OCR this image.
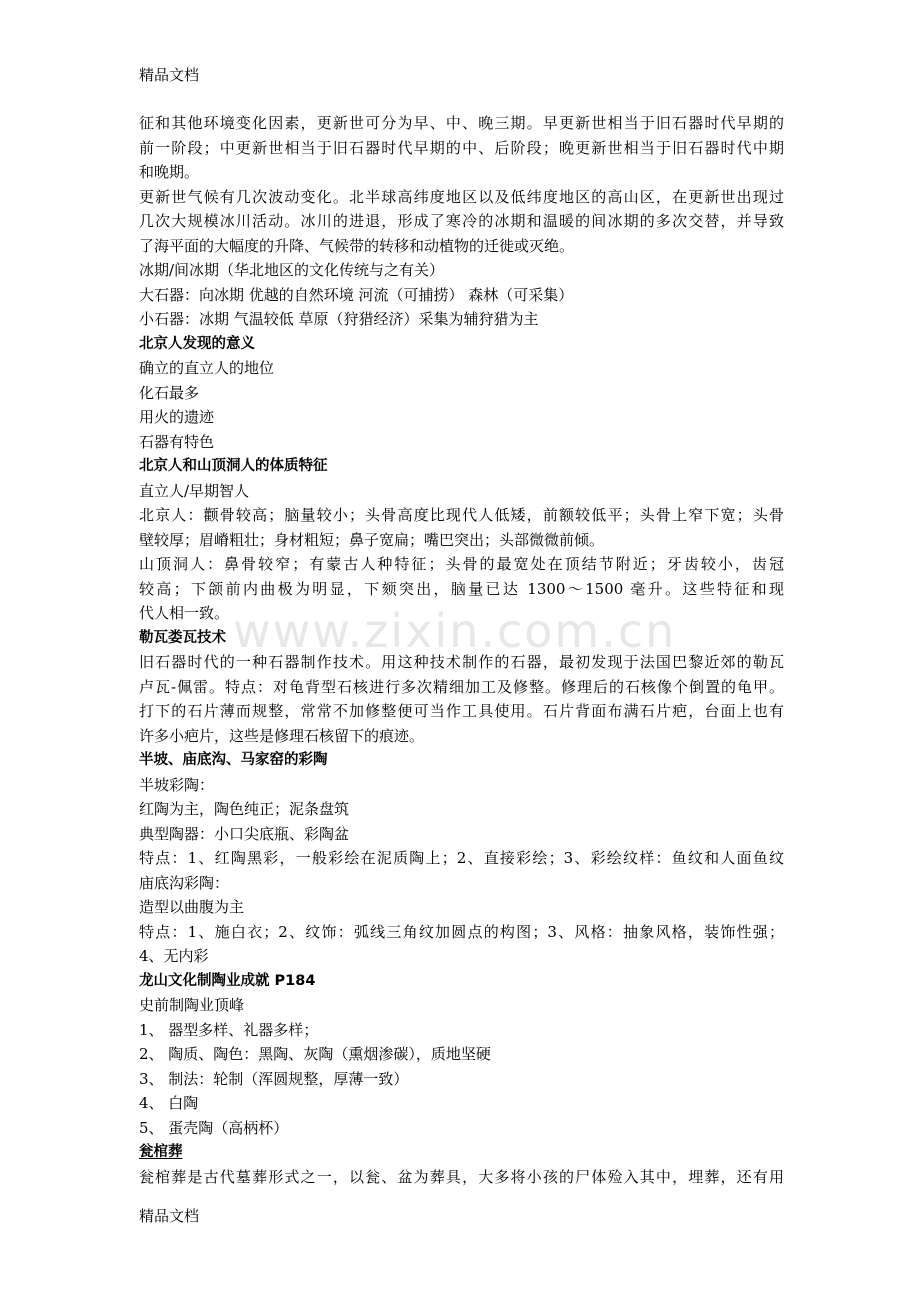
www.zixin.com.cn
精品文档
征和其他环境变化因素，更新世可分为早、中、晚三期。早更新世相当于旧石器时代早期的
前一阶段；中更新世相当于旧石器时代早期的中、后阶段；晚更新世相当于旧石器时代中期
和晚期。
更新世气候有几次波动变化。北半球高纬度地区以及低纬度地区的高山区，在更新世出现过
几次大规模冰川活动。冰川的进退，形成了寒冷的冰期和温暖的间冰期的多次交替，并导致
了海平面的大幅度的升降、气候带的转移和动植物的迁徙或灭绝。
冰期/间冰期（华北地区的文化传统与之有关）
大石器：向冰期 优越的自然环境 河流（可捕捞） 森林（可采集）
小石器：冰期 气温较低 草原（狩猎经济）采集为辅狩猎为主
北京人发现的意义
确立的直立人的地位
化石最多
用火的遗迹
石器有特色
北京人和山顶洞人的体质特征
直立人/早期智人
北京人：颧骨较高；脑量较小；头骨高度比现代人低矮，前额较低平；头骨上窄下宽；头骨
壁较厚；眉嵴粗壮；身材粗短；鼻子宽扁；嘴巴突出；头部微微前倾。
山顶洞人：鼻骨较窄；有蒙古人种特征；头骨的最宽处在顶结节附近；牙齿较小，齿冠
较高；下颌前内曲极为明显，下颏突出，脑量已达 1300～1500 毫升。这些特征和现
代人相一致。
勒瓦娄瓦技术
旧石器时代的一种石器制作技术。用这种技术制作的石器，最初发现于法国巴黎近郊的勒瓦
卢瓦-佩雷。特点：对龟背型石核进行多次精细加工及修整。修理后的石核像个倒置的龟甲。
打下的石片薄而规整，常常不加修整便可当作工具使用。石片背面布满石片疤，台面上也有
许多小疤片，这些是修理石核留下的痕迹。
半坡、庙底沟、马家窑的彩陶
半坡彩陶：
红陶为主，陶色纯正；泥条盘筑
典型陶器：小口尖底瓶、彩陶盆
特点：1、红陶黑彩，一般彩绘在泥质陶上；2、直接彩绘；3、彩绘纹样：鱼纹和人面鱼纹
庙底沟彩陶：
造型以曲腹为主
特点：1、施白衣；2、纹饰：弧线三角纹加圆点的构图；3、风格：抽象风格，装饰性强；
4、无内彩
龙山文化制陶业成就 P184
史前制陶业顶峰
1、 器型多样、礼器多样；
2、 陶质、陶色：黑陶、灰陶（熏烟渗碳），质地坚硬
3、 制法：轮制（浑圆规整，厚薄一致）
4、 白陶
5、 蛋壳陶（高柄杯）
瓮棺葬
瓮棺葬是古代墓葬形式之一，以瓮、盆为葬具，大多将小孩的尸体殓入其中，埋葬，还有用
精品文档
